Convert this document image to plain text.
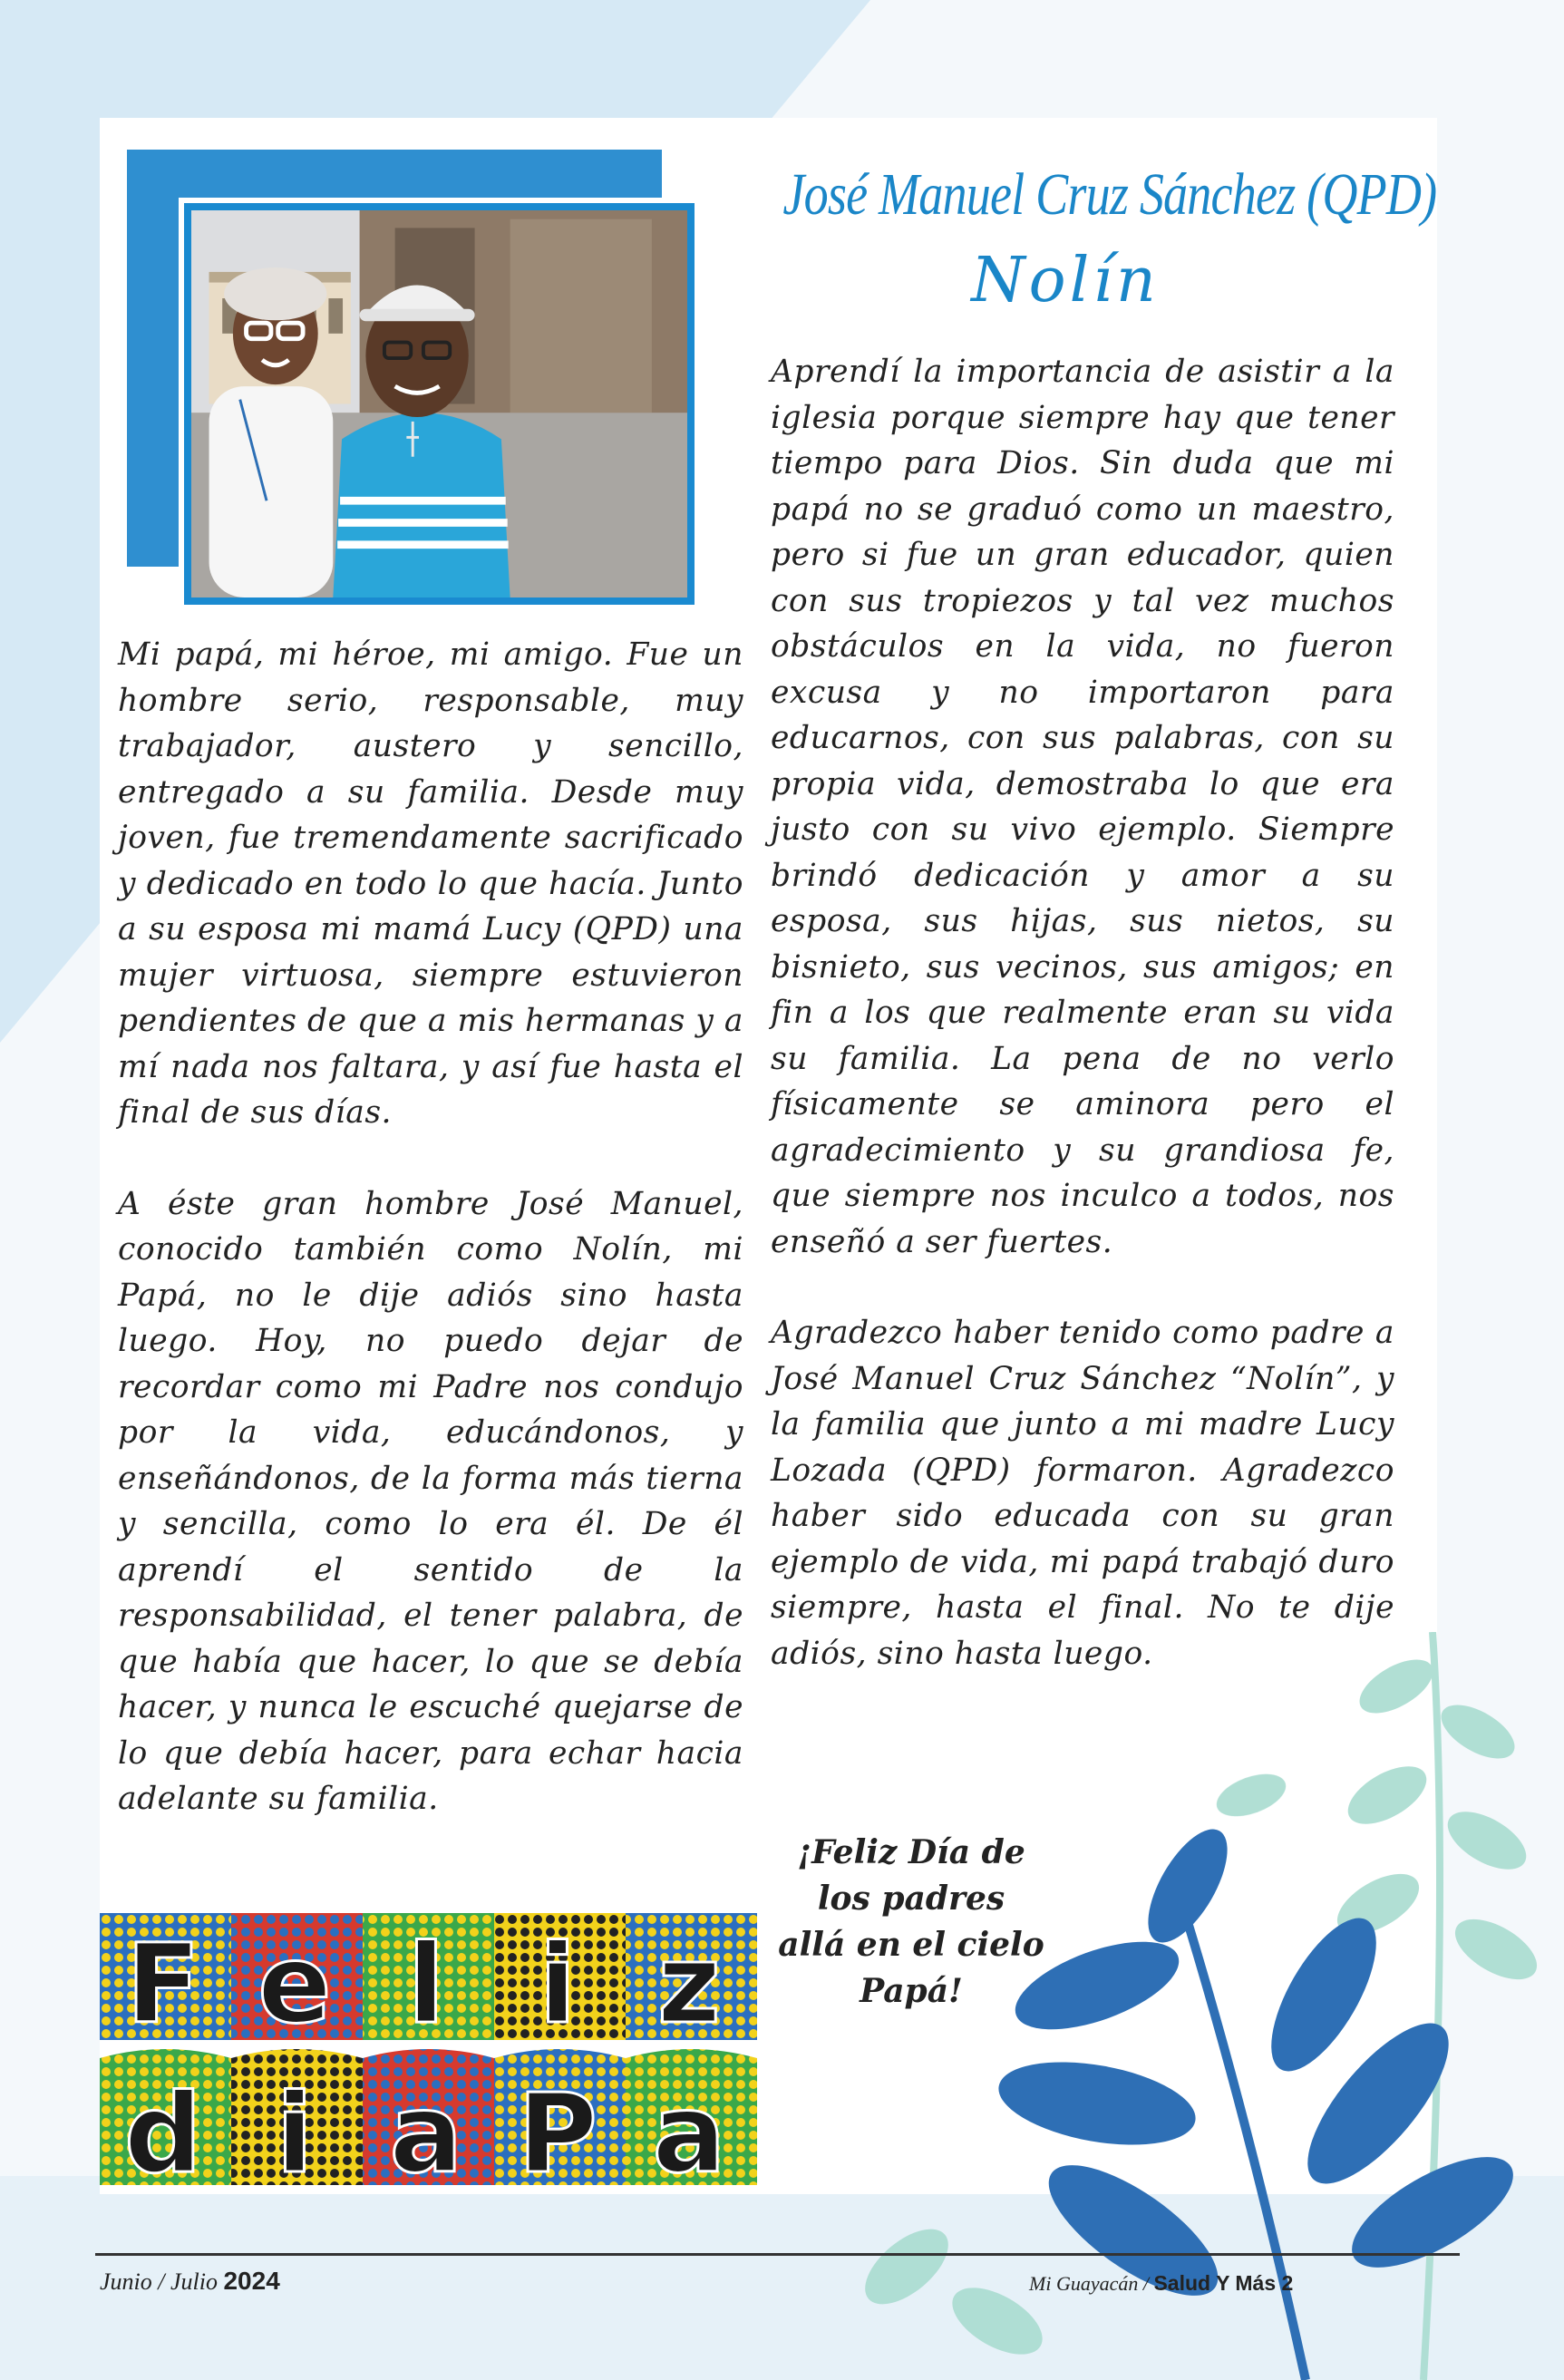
José Manuel Cruz Sánchez (QPD)
Nolín

Mi papá, mi héroe, mi amigo. Fue un hombre serio, responsable, muy trabajador, austero y sencillo, entregado a su familia. Desde muy joven, fue tremendamente sacrificado y dedicado en todo lo que hacía. Junto a su esposa mi mamá Lucy (QPD) una mujer virtuosa, siempre estuvieron pendientes de que a mis hermanas y a mí nada nos faltara, y así fue hasta el final de sus días.

A éste gran hombre José Manuel, conocido también como Nolín, mi Papá, no le dije adiós sino hasta luego. Hoy, no puedo dejar de recordar como mi Padre nos condujo por la vida, educándonos, y enseñándonos, de la forma más tierna y sencilla, como lo era él. De él aprendí el sentido de la responsabilidad, el tener palabra, de que había que hacer, lo que se debía hacer, y nunca le escuché quejarse de lo que debía hacer, para echar hacia adelante su familia.

Aprendí la importancia de asistir a la iglesia porque siempre hay que tener tiempo para Dios. Sin duda que mi papá no se graduó como un maestro, pero si fue un gran educador, quien con sus tropiezos y tal vez muchos obstáculos en la vida, no fueron excusa y no importaron para educarnos, con sus palabras, con su propia vida, demostraba lo que era justo con su vivo ejemplo. Siempre brindó dedicación y amor a su esposa, sus hijas, sus nietos, su bisnieto, sus vecinos, sus amigos; en fin a los que realmente eran su vida su familia. La pena de no verlo físicamente se aminora pero el agradecimiento y su grandiosa fe, que siempre nos inculco a todos, nos enseñó a ser fuertes.

Agradezco haber tenido como padre a José Manuel Cruz Sánchez “Nolín”, y la familia que junto a mi madre Lucy Lozada (QPD) formaron. Agradezco haber sido educada con su gran ejemplo de vida, mi papá trabajó duro siempre, hasta el final. No te dije adiós, sino hasta luego.

¡Feliz Día de
los padres
allá en el cielo
Papá!
F e l i z
d i a P a
Junio / Julio 2024	Mi Guayacán / Salud Y Más 2
